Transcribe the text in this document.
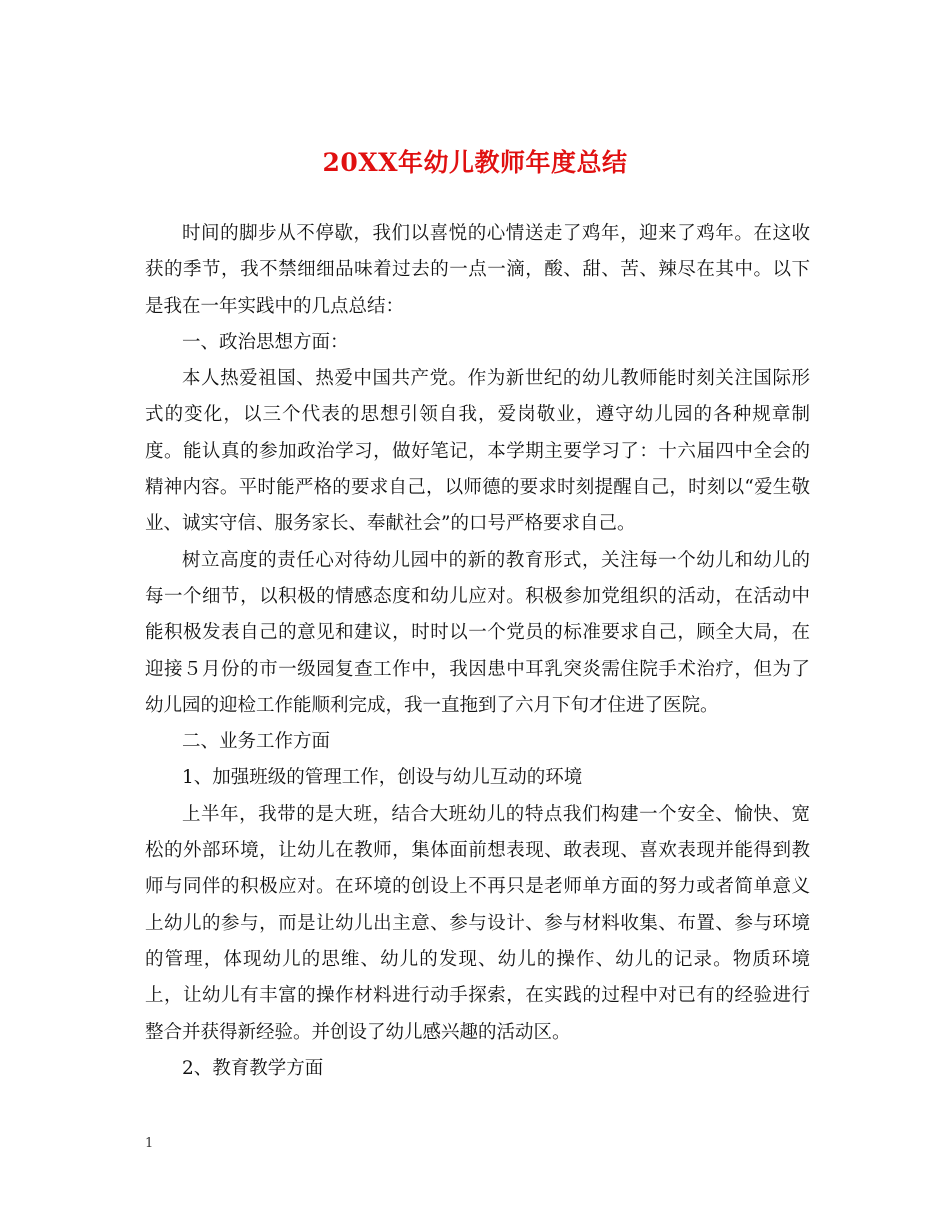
20XX年幼儿教师年度总结

时间的脚步从不停歇，我们以喜悦的心情送走了鸡年，迎来了鸡年。在这收获的季节，我不禁细细品味着过去的一点一滴，酸、甜、苦、辣尽在其中。以下是我在一年实践中的几点总结：

一、政治思想方面：

本人热爱祖国、热爱中国共产党。作为新世纪的幼儿教师能时刻关注国际形式的变化，以三个代表的思想引领自我，爱岗敬业，遵守幼儿园的各种规章制度。能认真的参加政治学习，做好笔记，本学期主要学习了：十六届四中全会的精神内容。平时能严格的要求自己，以师德的要求时刻提醒自己，时刻以“爱生敬业、诚实守信、服务家长、奉献社会”的口号严格要求自己。

树立高度的责任心对待幼儿园中的新的教育形式，关注每一个幼儿和幼儿的每一个细节，以积极的情感态度和幼儿应对。积极参加党组织的活动，在活动中能积极发表自己的意见和建议，时时以一个党员的标准要求自己，顾全大局，在迎接５月份的市一级园复查工作中，我因患中耳乳突炎需住院手术治疗，但为了幼儿园的迎检工作能顺利完成，我一直拖到了六月下旬才住进了医院。

二、业务工作方面

1、加强班级的管理工作，创设与幼儿互动的环境

上半年，我带的是大班，结合大班幼儿的特点我们构建一个安全、愉快、宽松的外部环境，让幼儿在教师，集体面前想表现、敢表现、喜欢表现并能得到教师与同伴的积极应对。在环境的创设上不再只是老师单方面的努力或者简单意义上幼儿的参与，而是让幼儿出主意、参与设计、参与材料收集、布置、参与环境的管理，体现幼儿的思维、幼儿的发现、幼儿的操作、幼儿的记录。物质环境上，让幼儿有丰富的操作材料进行动手探索，在实践的过程中对已有的经验进行整合并获得新经验。并创设了幼儿感兴趣的活动区。

2、教育教学方面

1
